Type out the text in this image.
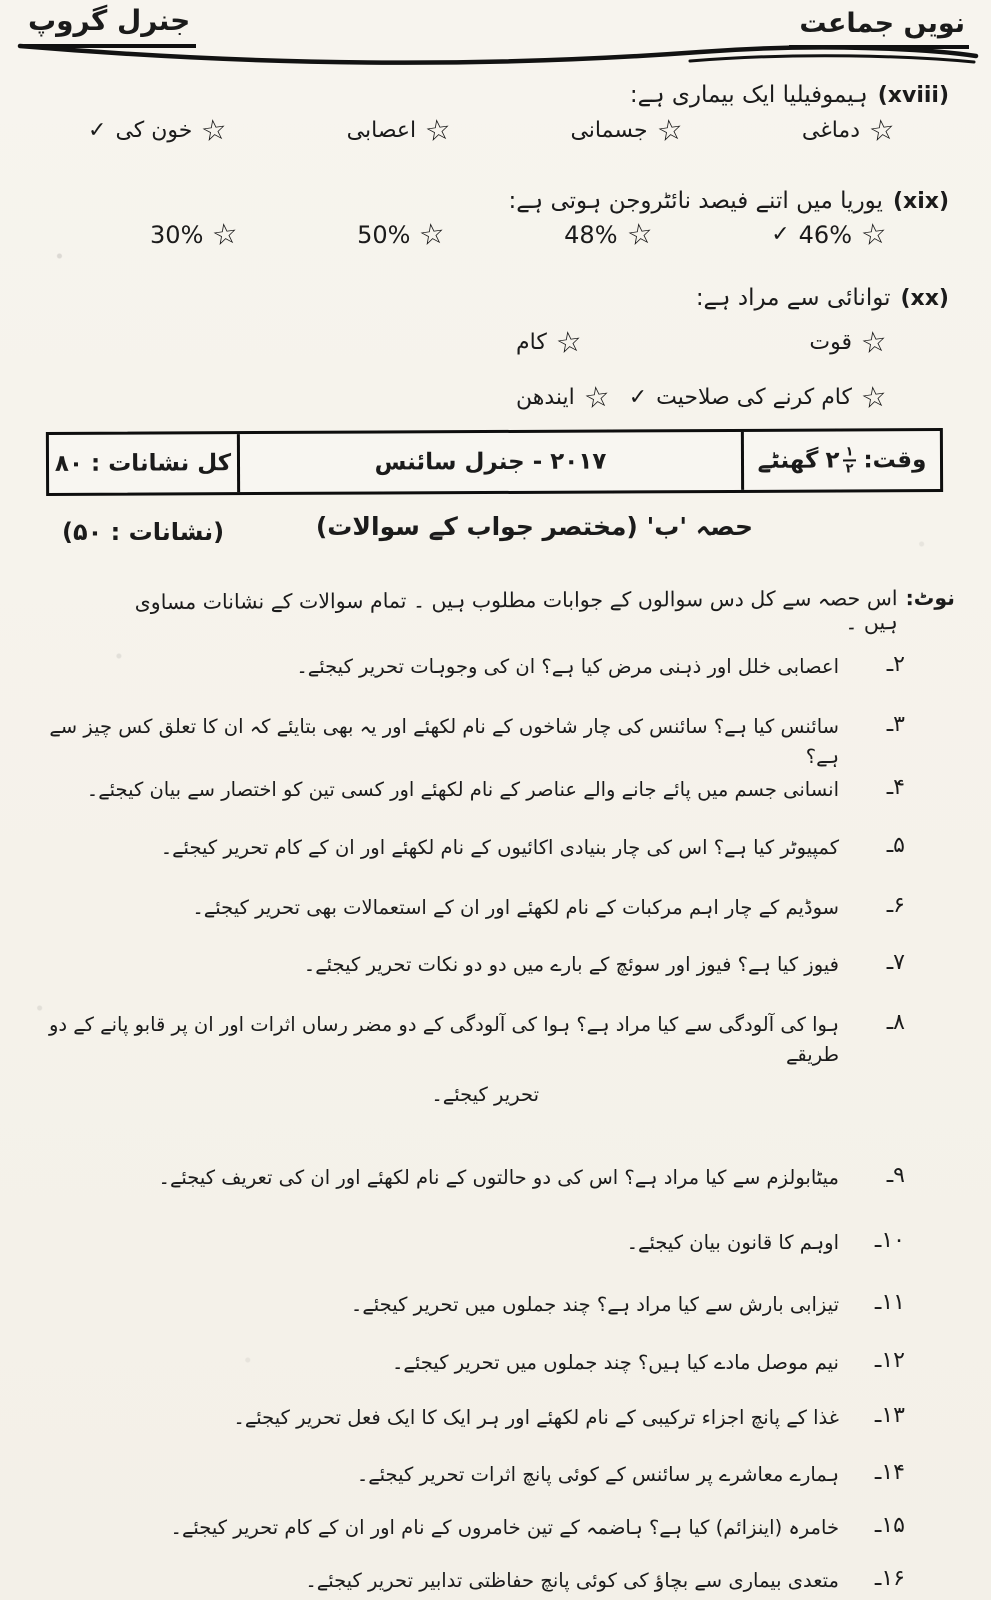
نویں جماعت
جنرل گروپ
(xviii)
ہیموفیلیا ایک بیماری ہے:
☆
دماغی
☆
جسمانی
☆
اعصابی
☆
خون کی
✓
(xix)
یوریا میں اتنے فیصد نائٹروجن ہوتی ہے:
☆
46%
✓
☆
48%
☆
50%
☆
30%
(xx)
توانائی سے مراد ہے:
☆
قوت
☆
کام
☆
کام کرنے کی صلاحیت
✓
☆
ایندھن
وقت:
۲ $\frac{۱}{۲}$
گھنٹے
۲۰۱۷ - جنرل سائنس
کل نشانات : ۸۰
حصہ 'ب' (مختصر جواب کے سوالات)
(نشانات : ۵۰)
نوٹ:
اس حصہ سے کل دس سوالوں کے جوابات مطلوب ہیں ۔ تمام سوالات کے نشانات مساوی ہیں ۔
۲ـ
اعصابی خلل اور ذہنی مرض کیا ہے؟ ان کی وجوہات تحریر کیجئے۔
۳ـ
سائنس کیا ہے؟ سائنس کی چار شاخوں کے نام لکھئے اور یہ بھی بتایئے کہ ان کا تعلق کس چیز سے ہے؟
۴ـ
انسانی جسم میں پائے جانے والے عناصر کے نام لکھئے اور کسی تین کو اختصار سے بیان کیجئے۔
۵ـ
کمپیوٹر کیا ہے؟ اس کی چار بنیادی اکائیوں کے نام لکھئے اور ان کے کام تحریر کیجئے۔
۶ـ
سوڈیم کے چار اہم مرکبات کے نام لکھئے اور ان کے استعمالات بھی تحریر کیجئے۔
۷ـ
فیوز کیا ہے؟ فیوز اور سوئچ کے بارے میں دو دو نکات تحریر کیجئے۔
۸ـ
ہوا کی آلودگی سے کیا مراد ہے؟ ہوا کی آلودگی کے دو مضر رساں اثرات اور ان پر قابو پانے کے دو طریقے
تحریر کیجئے۔
۹ـ
میٹابولزم سے کیا مراد ہے؟ اس کی دو حالتوں کے نام لکھئے اور ان کی تعریف کیجئے۔
۱۰ـ
اوہم کا قانون بیان کیجئے۔
۱۱ـ
تیزابی بارش سے کیا مراد ہے؟ چند جملوں میں تحریر کیجئے۔
۱۲ـ
نیم موصل مادے کیا ہیں؟ چند جملوں میں تحریر کیجئے۔
۱۳ـ
غذا کے پانچ اجزاء ترکیبی کے نام لکھئے اور ہر ایک کا ایک فعل تحریر کیجئے۔
۱۴ـ
ہمارے معاشرے پر سائنس کے کوئی پانچ اثرات تحریر کیجئے۔
۱۵ـ
خامرہ (اینزائم) کیا ہے؟ ہاضمہ کے تین خامروں کے نام اور ان کے کام تحریر کیجئے۔
۱۶ـ
متعدی بیماری سے بچاؤ کی کوئی پانچ حفاظتی تدابیر تحریر کیجئے۔
